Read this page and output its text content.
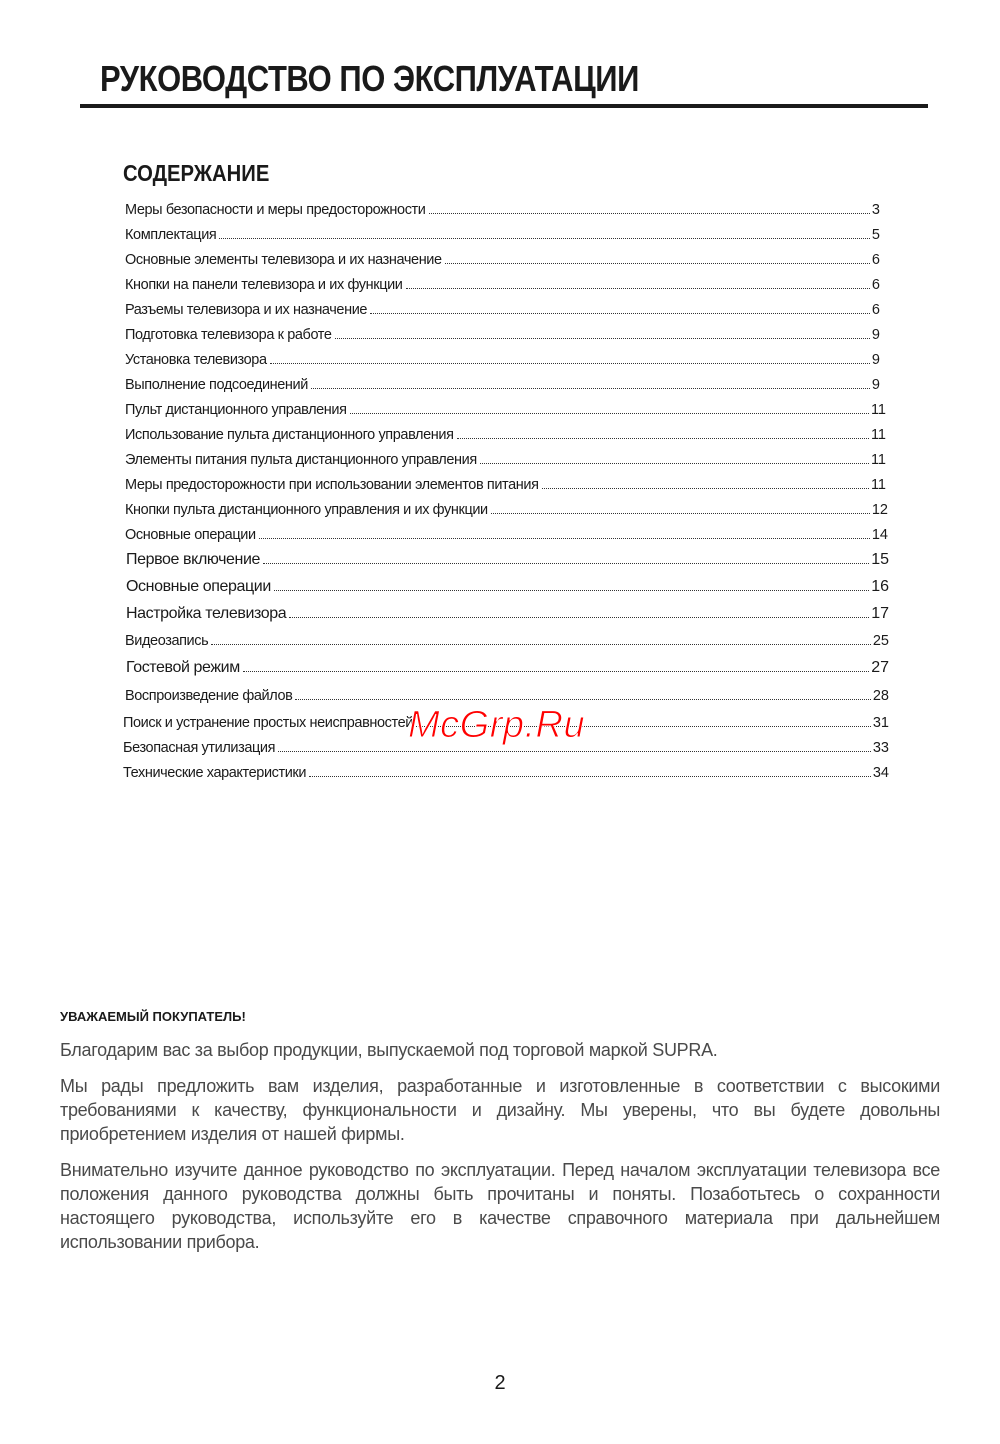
РУКОВОДСТВО ПО ЭКСПЛУАТАЦИИ
СОДЕРЖАНИЕ
Меры безопасности и меры предосторожности	3
Комплектация	5
Основные элементы телевизора и их назначение	6
Кнопки на панели телевизора и их функции	6
Разъемы телевизора и их назначение	6
Подготовка телевизора к работе	9
Установка телевизора	9
Выполнение подсоединений	9
Пульт дистанционного управления	11
Использование пульта дистанционного управления	11
Элементы питания пульта дистанционного управления	11
Меры предосторожности при использовании элементов питания	11
Кнопки пульта дистанционного управления и их функции	12
Основные операции	14
Первое включение	15
Основные операции	16
Настройка телевизора	17
Видеозапись	25
Гостевой режим	27
Воспроизведение файлов	28
Поиск и устранение простых неисправностей	31
Безопасная утилизация	33
Технические характеристики	34
McGrp.Ru
УВАЖАЕМЫЙ ПОКУПАТЕЛЬ!

Благодарим вас за выбор продукции, выпускаемой под торговой маркой SUPRA.

Мы рады предложить вам изделия, разработанные и изготовленные в соответствии с высокими требованиями к качеству, функциональности и дизайну. Мы уверены, что вы будете довольны приобретением изделия от нашей фирмы.

Внимательно изучите данное руководство по эксплуатации. Перед началом эксплуатации телевизора все положения данного руководства должны быть прочитаны и поняты. Позаботьтесь о сохранности настоящего руководства, используйте его в качестве справочного материала при дальнейшем использовании прибора.

2
